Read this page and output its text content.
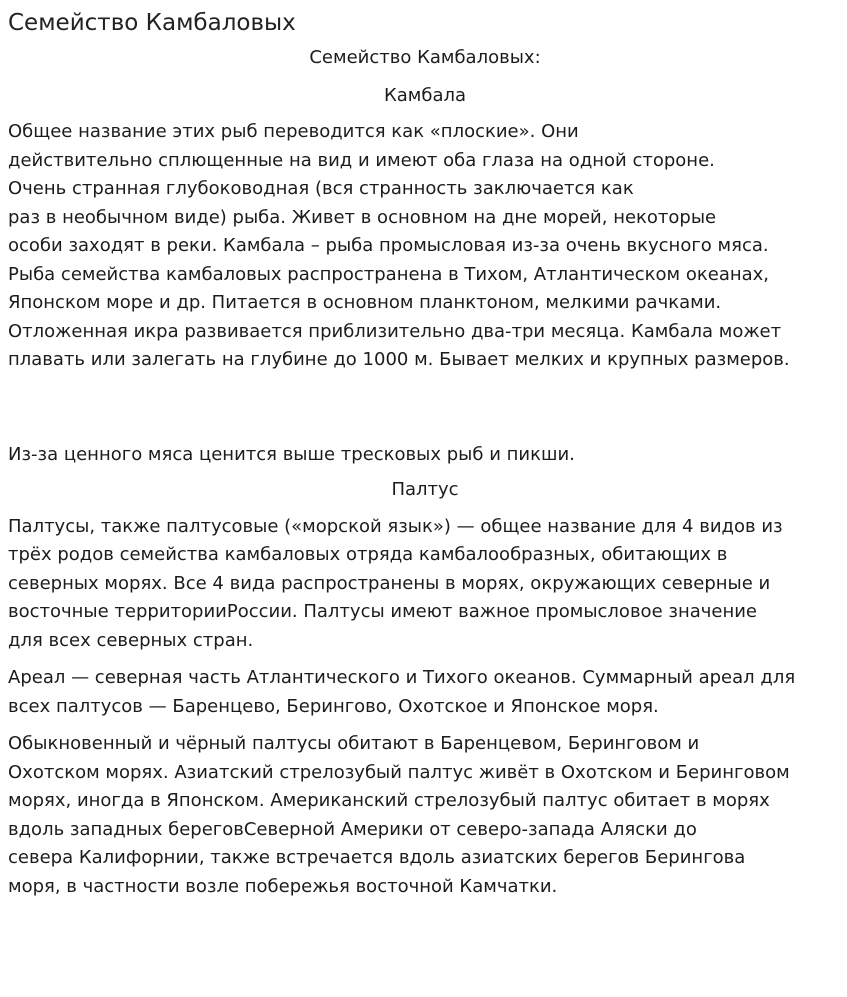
Семейство Камбаловых

Семейство Камбаловых:

Камбала

Общее название этих рыб переводится как «плоские». Они
действительно сплющенные на вид и имеют оба глаза на одной стороне.
Очень странная глубоководная (вся странность заключается как
раз в необычном виде) рыба. Живет в основном на дне морей, некоторые
особи заходят в реки. Камбала – рыба промысловая из-за очень вкусного мяса.
Рыба семейства камбаловых распространена в Тихом, Атлантическом океанах,
Японском море и др. Питается в основном планктоном, мелкими рачками.
Отложенная икра развивается приблизительно два-три месяца. Камбала может
плавать или залегать на глубине до 1000 м. Бывает мелких и крупных размеров.

Из-за ценного мяса ценится выше тресковых рыб и пикши.

Палтус

Палтусы, также палтусовые («морской язык») — общее название для 4 видов из
трёх родов семейства камбаловых отряда камбалообразных, обитающих в
северных морях. Все 4 вида распространены в морях, окружающих северные и
восточные территорииРоссии. Палтусы имеют важное промысловое значение
для всех северных стран.
Ареал — северная часть Атлантического и Тихого океанов. Суммарный ареал для
всех палтусов — Баренцево, Берингово, Охотское и Японское моря.
Обыкновенный и чёрный палтусы обитают в Баренцевом, Беринговом и
Охотском морях. Азиатский стрелозубый палтус живёт в Охотском и Беринговом
морях, иногда в Японском. Американский стрелозубый палтус обитает в морях
вдоль западных береговСеверной Америки от северо-запада Аляски до
севера Калифорнии, также встречается вдоль азиатских берегов Берингова
моря, в частности возле побережья восточной Камчатки.
